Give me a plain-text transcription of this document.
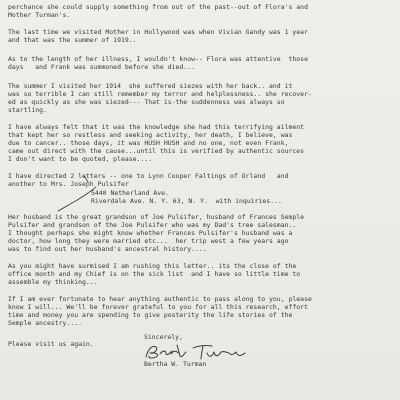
perchance she could supply something from out of the past--out of Flora's and
Mother Turman's.
The last time we visited Mother in Hollywood was when Vivian Gandy was 1 year
and that was the summer of 1919..
As to the length of her illness, I wouldn't know-- Flora was attentive  those
days   and Frank was summoned before she died...
The summer I visited her 1914  she suffered siezes with her back.. and it
was so terrible I can still remember my terror and helplessness.. she recover-
ed as quickly as she was siezed--- That is-the suddenness was always so
startling.
I have always felt that it was the knowledge she had this terrifying ailment
that kept her so restless and seeking activity, her death, I believe, was
due to cancer.. those days, it was HUSH HUSH and no one, not even Frank,
came out direct with the cause...until this is verified by authentic sources
I don't want to be quoted, please....
I have directed 2 letters -- one to Lynn Cooper Faltings of Orland   and
another to Mrs. Joseph Pulsifer
5440 Netherland Ave.
Riverdale Ave. N. Y. 63, N. Y.  with inquiries...
Her husband is the great grandson of Joe Pulsifer, husband of Frances Semple
Pulsifer and grandson of the Joe Pulsifer who was my Dad's tree salesman..
I thought perhaps she might know whether Frances Pulsifer's husband was a
doctor, how long they were married etc...  her trip west a few years ago
was to find out her husband's ancestral history....
As you might have surmised I am rushing this letter.. its the close of the
office month and my Chief is on the sick list  and I have so little time to
assemble my thinking...
If I am ever fortunate to hear anything authentic to pass along to you, please
know I will... We'll be forever grateful to you for all this research, effort
time and money you are spending to give posterity the life stories of the
Semple ancestry....
Please visit us again.
Sincerely,
Bertha W. Turman
